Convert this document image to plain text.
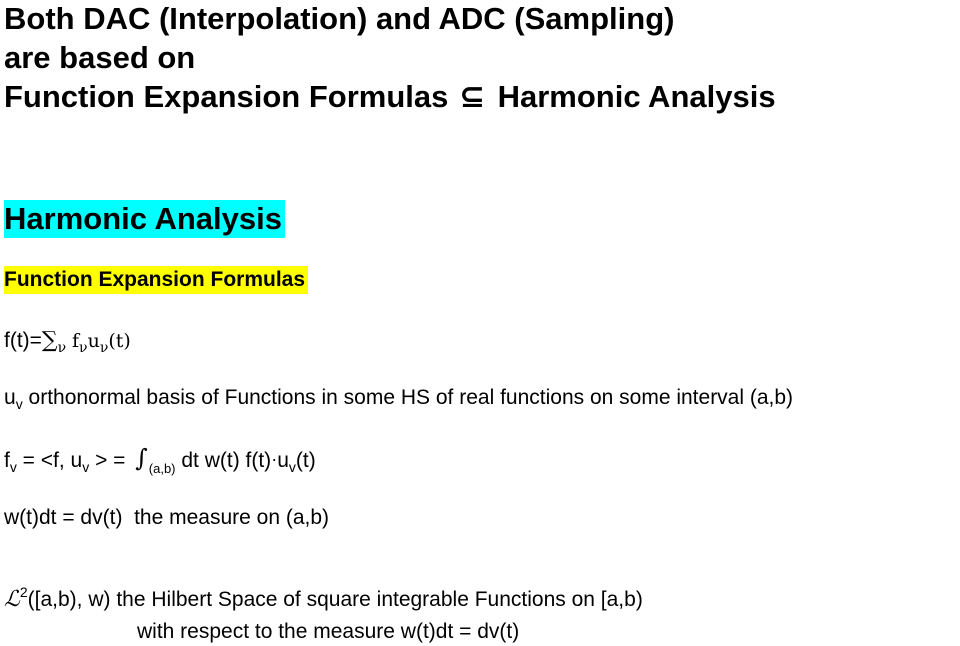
Both DAC (Interpolation) and ADC (Sampling)
are based on
Function Expansion Formulas ⊆ Harmonic Analysis
Harmonic Analysis
Function Expansion Formulas
$f(t)=\sum_\nu$ $f_\nu u_\nu(t)$
$u_v$ orthonormal basis of Functions in some HS of real functions on some interval (a,b)
$f_v = <f$, $u_v$ > = $\int_{(a,b)}$ dt w(t) $f(t)\cdot u_v(t)$
w(t)dt = dv(t)  the measure on (a,b)
ℒ$^2$([a,b), w) the Hilbert Space of square integrable Functions on [a,b)
with respect to the measure w(t)dt = dv(t)
